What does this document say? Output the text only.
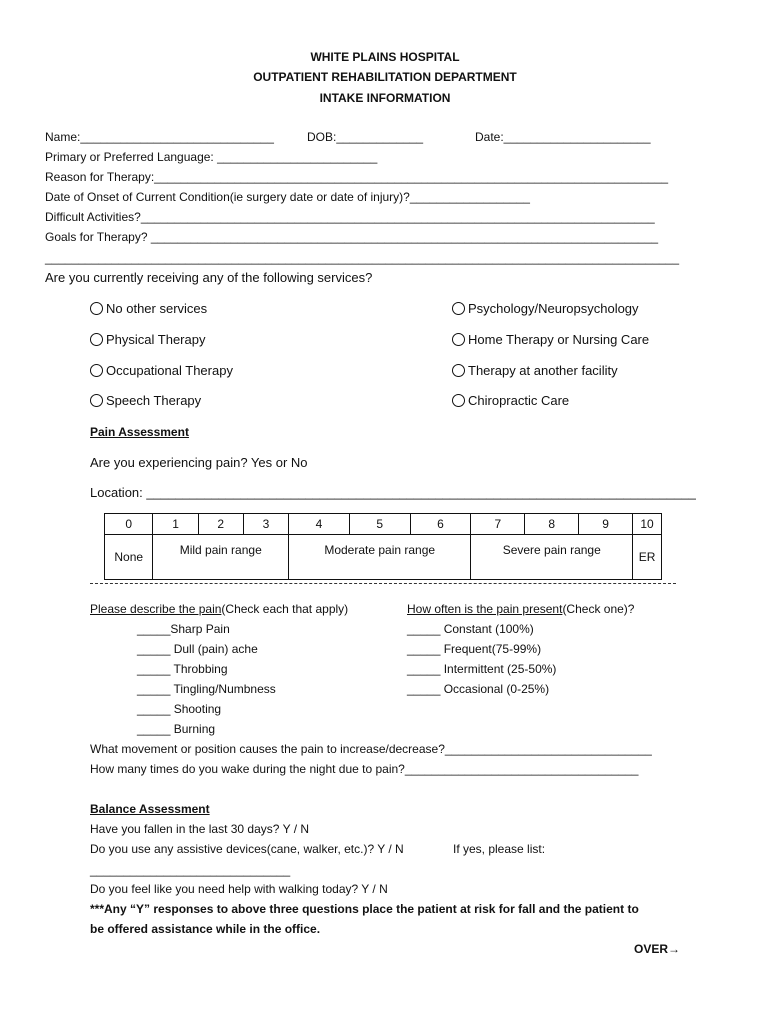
WHITE PLAINS HOSPITAL
OUTPATIENT REHABILITATION DEPARTMENT
INTAKE INFORMATION
Name:_____________________________	DOB:_____________	Date:______________________
Primary or Preferred Language: ________________________
Reason for Therapy:_____________________________________________________________________________
Date of Onset of Current Condition(ie surgery date or date of injury)?__________________
Difficult Activities?_____________________________________________________________________________
Goals for Therapy? ____________________________________________________________________________
_______________________________________________________________________________________________
Are you currently receiving any of the following services?
No other services
Physical Therapy
Occupational Therapy
Speech Therapy
Psychology/Neuropsychology
Home Therapy or Nursing Care
Therapy at another facility
Chiropractic Care
Pain Assessment
Are you experiencing pain? Yes or No
Location: ____________________________________________________________________________
0	1	2	3	4	5	6	7	8	9	10
None	Mild pain range			Moderate pain range			Severe pain range			ER
Please describe the pain(Check each that apply)	How often is the pain present(Check one)?
_____Sharp Pain
_____ Dull (pain) ache
_____ Throbbing
_____ Tingling/Numbness
_____ Shooting
_____ Burning
_____ Constant (100%)
_____ Frequent(75-99%)
_____ Intermittent (25-50%)
_____ Occasional (0-25%)
What movement or position causes the pain to increase/decrease?_______________________________
How many times do you wake during the night due to pain?___________________________________
Balance Assessment
Have you fallen in the last 30 days? Y / N
Do you use any assistive devices(cane, walker, etc.)? Y / N	If yes, please list:
______________________________
Do you feel like you need help with walking today? Y / N
***Any “Y” responses to above three questions place the patient at risk for fall and the patient to
be offered assistance while in the office.
OVER→
